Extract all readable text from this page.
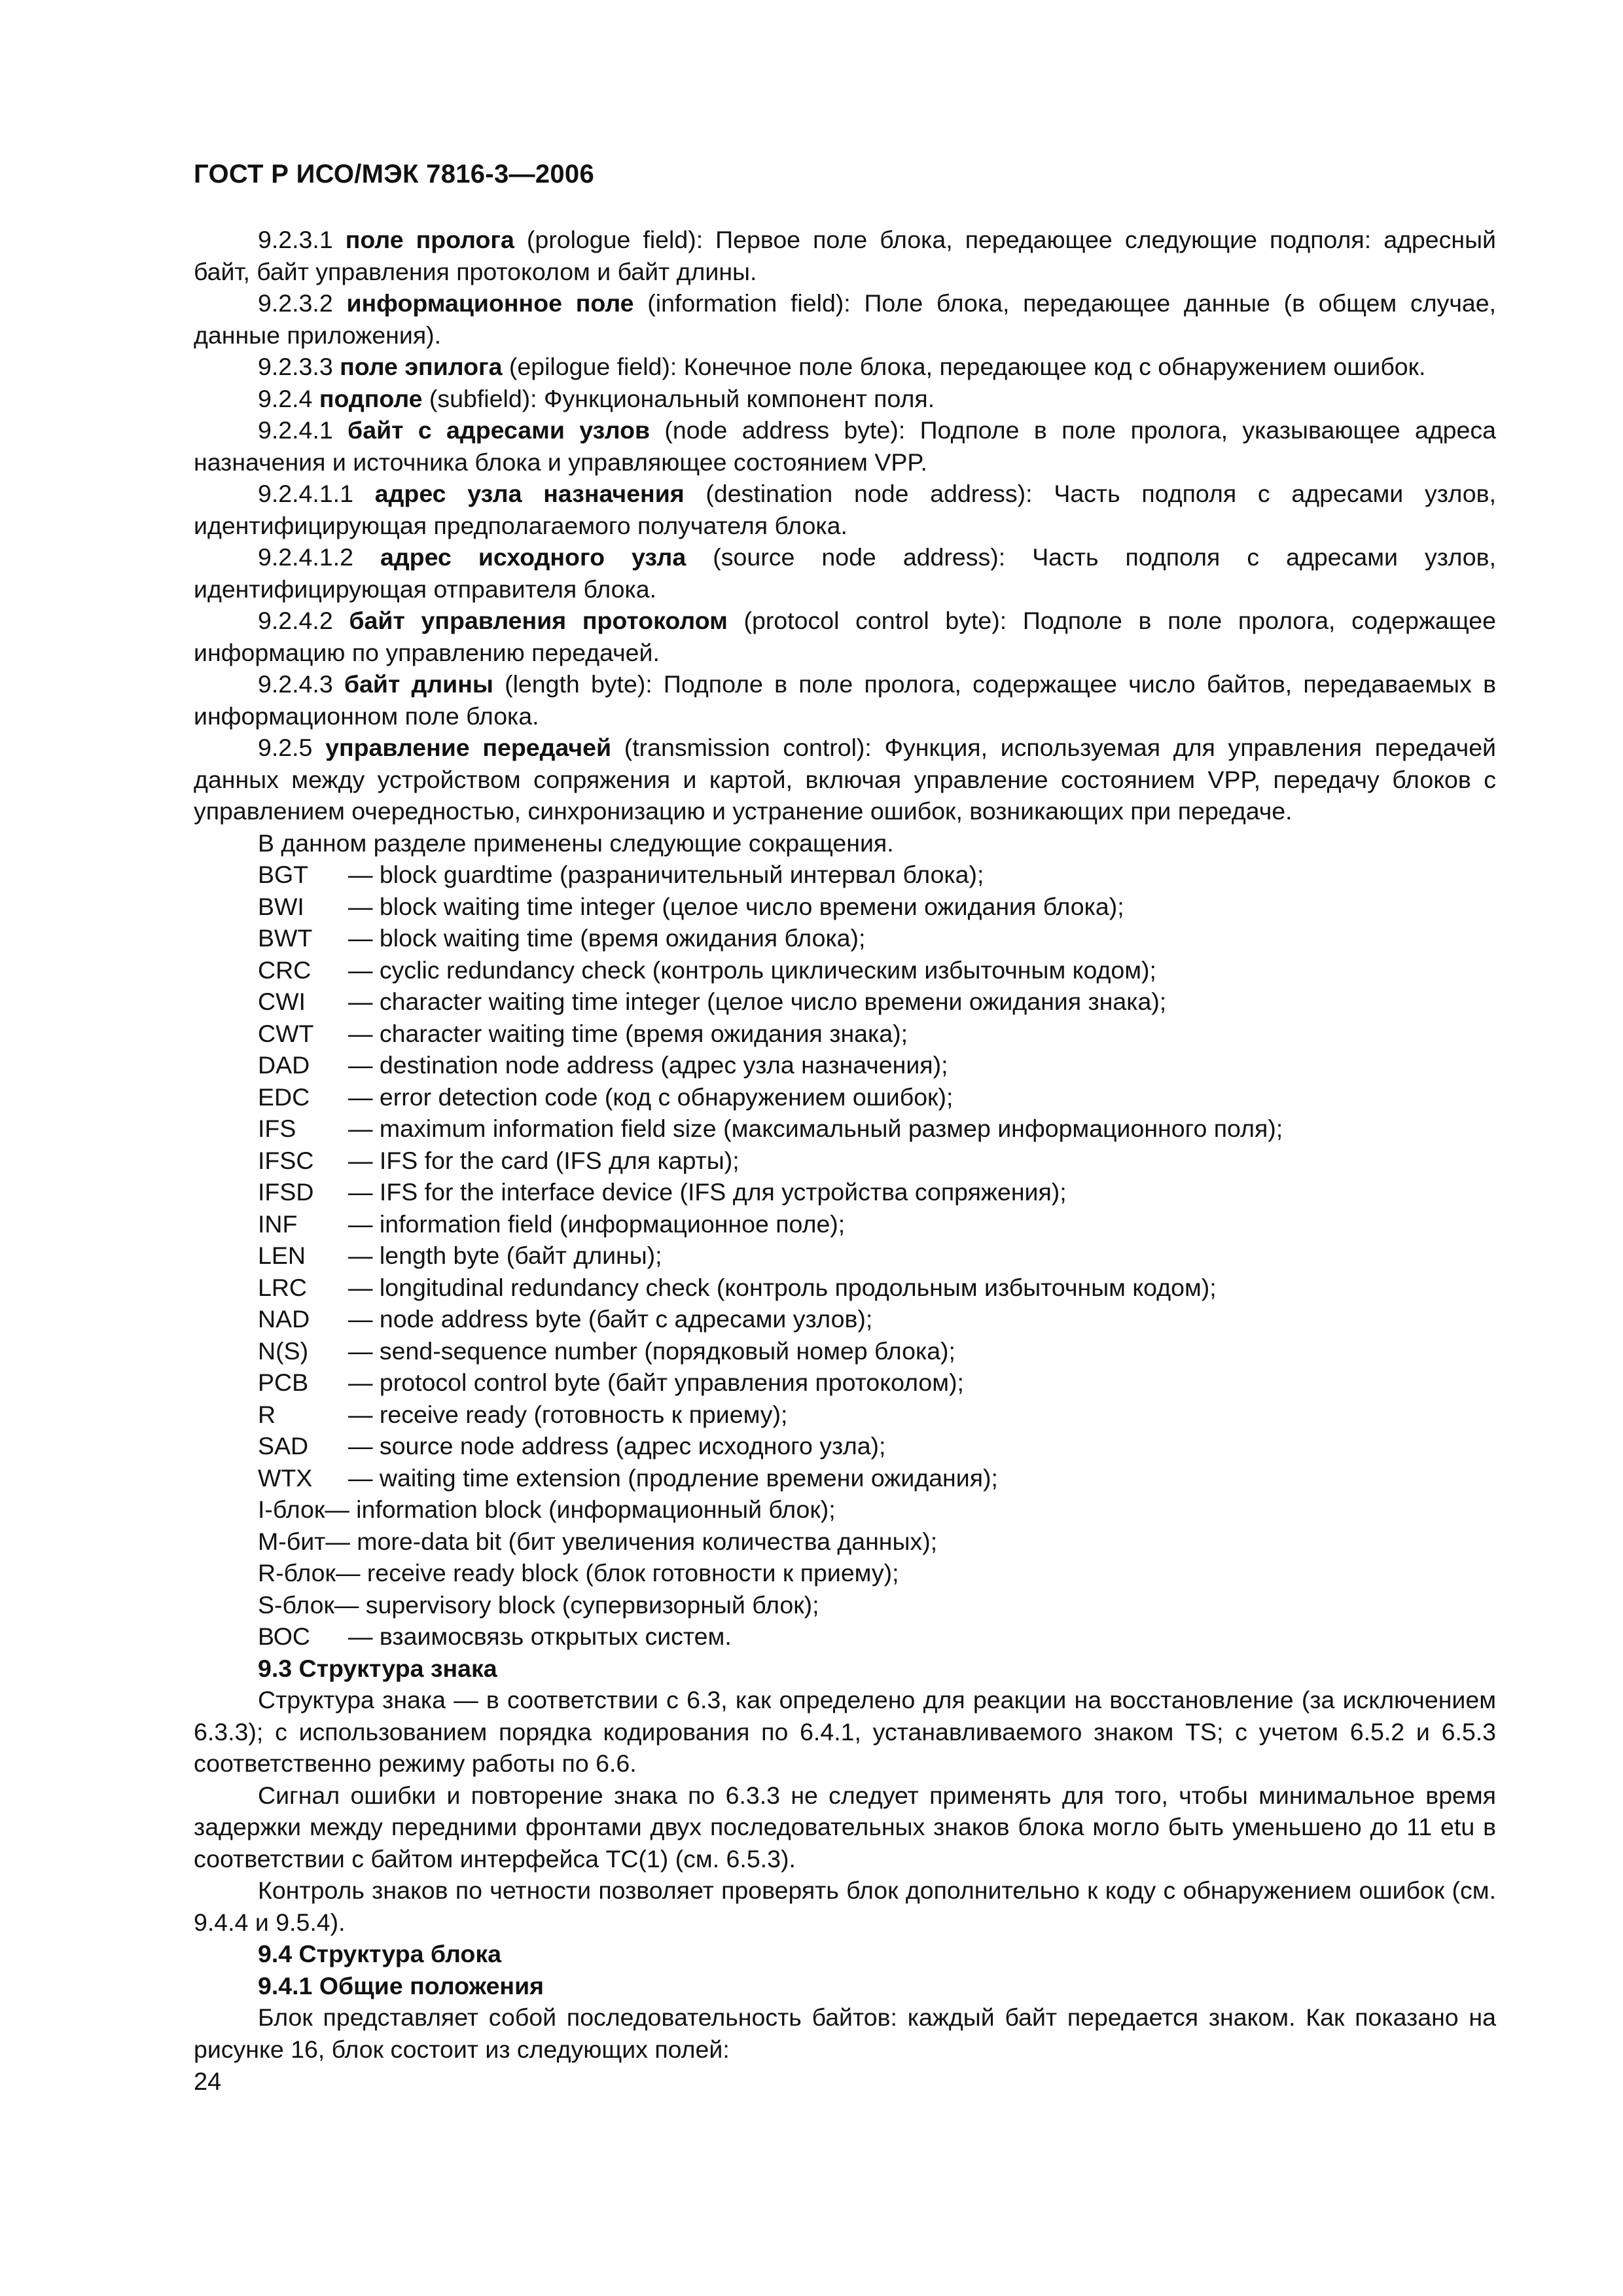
ГОСТ Р ИСО/МЭК 7816-3—2006

9.2.3.1 поле пролога (prologue field): Первое поле блока, передающее следующие подполя: адресный байт, байт управления протоколом и байт длины.

9.2.3.2 информационное поле (information field): Поле блока, передающее данные (в общем случае, данные приложения).

9.2.3.3 поле эпилога (epilogue field): Конечное поле блока, передающее код с обнаружением ошибок.

9.2.4 подполе (subfield): Функциональный компонент поля.

9.2.4.1 байт с адресами узлов (node address byte): Подполе в поле пролога, указывающее адреса назначения и источника блока и управляющее состоянием VPP.

9.2.4.1.1 адрес узла назначения (destination node address): Часть подполя с адресами узлов, идентифицирующая предполагаемого получателя блока.

9.2.4.1.2 адрес исходного узла (source node address): Часть подполя с адресами узлов, идентифицирующая отправителя блока.

9.2.4.2 байт управления протоколом (protocol control byte): Подполе в поле пролога, содержащее информацию по управлению передачей.

9.2.4.3 байт длины (length byte): Подполе в поле пролога, содержащее число байтов, передаваемых в информационном поле блока.

9.2.5 управление передачей (transmission control): Функция, используемая для управления передачей данных между устройством сопряжения и картой, включая управление состоянием VPP, передачу блоков с управлением очередностью, синхронизацию и устранение ошибок, возникающих при передаче.

В данном разделе применены следующие сокращения.

BGT	— block guardtime (разраничительный интервал блока);
BWI	— block waiting time integer (целое число времени ожидания блока);
BWT	— block waiting time (время ожидания блока);
CRC	— cyclic redundancy check (контроль циклическим избыточным кодом);
CWI	— character waiting time integer (целое число времени ожидания знака);
CWT	— character waiting time (время ожидания знака);
DAD	— destination node address (адрес узла назначения);
EDC	— error detection code (код с обнаружением ошибок);
IFS	— maximum information field size (максимальный размер информационного поля);
IFSC	— IFS for the card (IFS для карты);
IFSD	— IFS for the interface device (IFS для устройства сопряжения);
INF	— information field (информационное поле);
LEN	— length byte (байт длины);
LRC	— longitudinal redundancy check (контроль продольным избыточным кодом);
NAD	— node address byte (байт с адресами узлов);
N(S)	— send-sequence number (порядковый номер блока);
PCB	— protocol control byte (байт управления протоколом);
R	— receive ready (готовность к приему);
SAD	— source node address (адрес исходного узла);
WTX	— waiting time extension (продление времени ожидания);
I-блок — information block (информационный блок);
M-бит — more-data bit (бит увеличения количества данных);
R-блок — receive ready block (блок готовности к приему);
S-блок — supervisory block (супервизорный блок);
ВОС	— взаимосвязь открытых систем.

9.3 Структура знака

Структура знака — в соответствии с 6.3, как определено для реакции на восстановление (за исключением 6.3.3); с использованием порядка кодирования по 6.4.1, устанавливаемого знаком TS; с учетом 6.5.2 и 6.5.3 соответственно режиму работы по 6.6.

Сигнал ошибки и повторение знака по 6.3.3 не следует применять для того, чтобы минимальное время задержки между передними фронтами двух последовательных знаков блока могло быть уменьшено до 11 etu в соответствии с байтом интерфейса TC(1) (см. 6.5.3).

Контроль знаков по четности позволяет проверять блок дополнительно к коду с обнаружением ошибок (см. 9.4.4 и 9.5.4).

9.4 Структура блока

9.4.1 Общие положения

Блок представляет собой последовательность байтов: каждый байт передается знаком. Как показано на рисунке 16, блок состоит из следующих полей:

24
